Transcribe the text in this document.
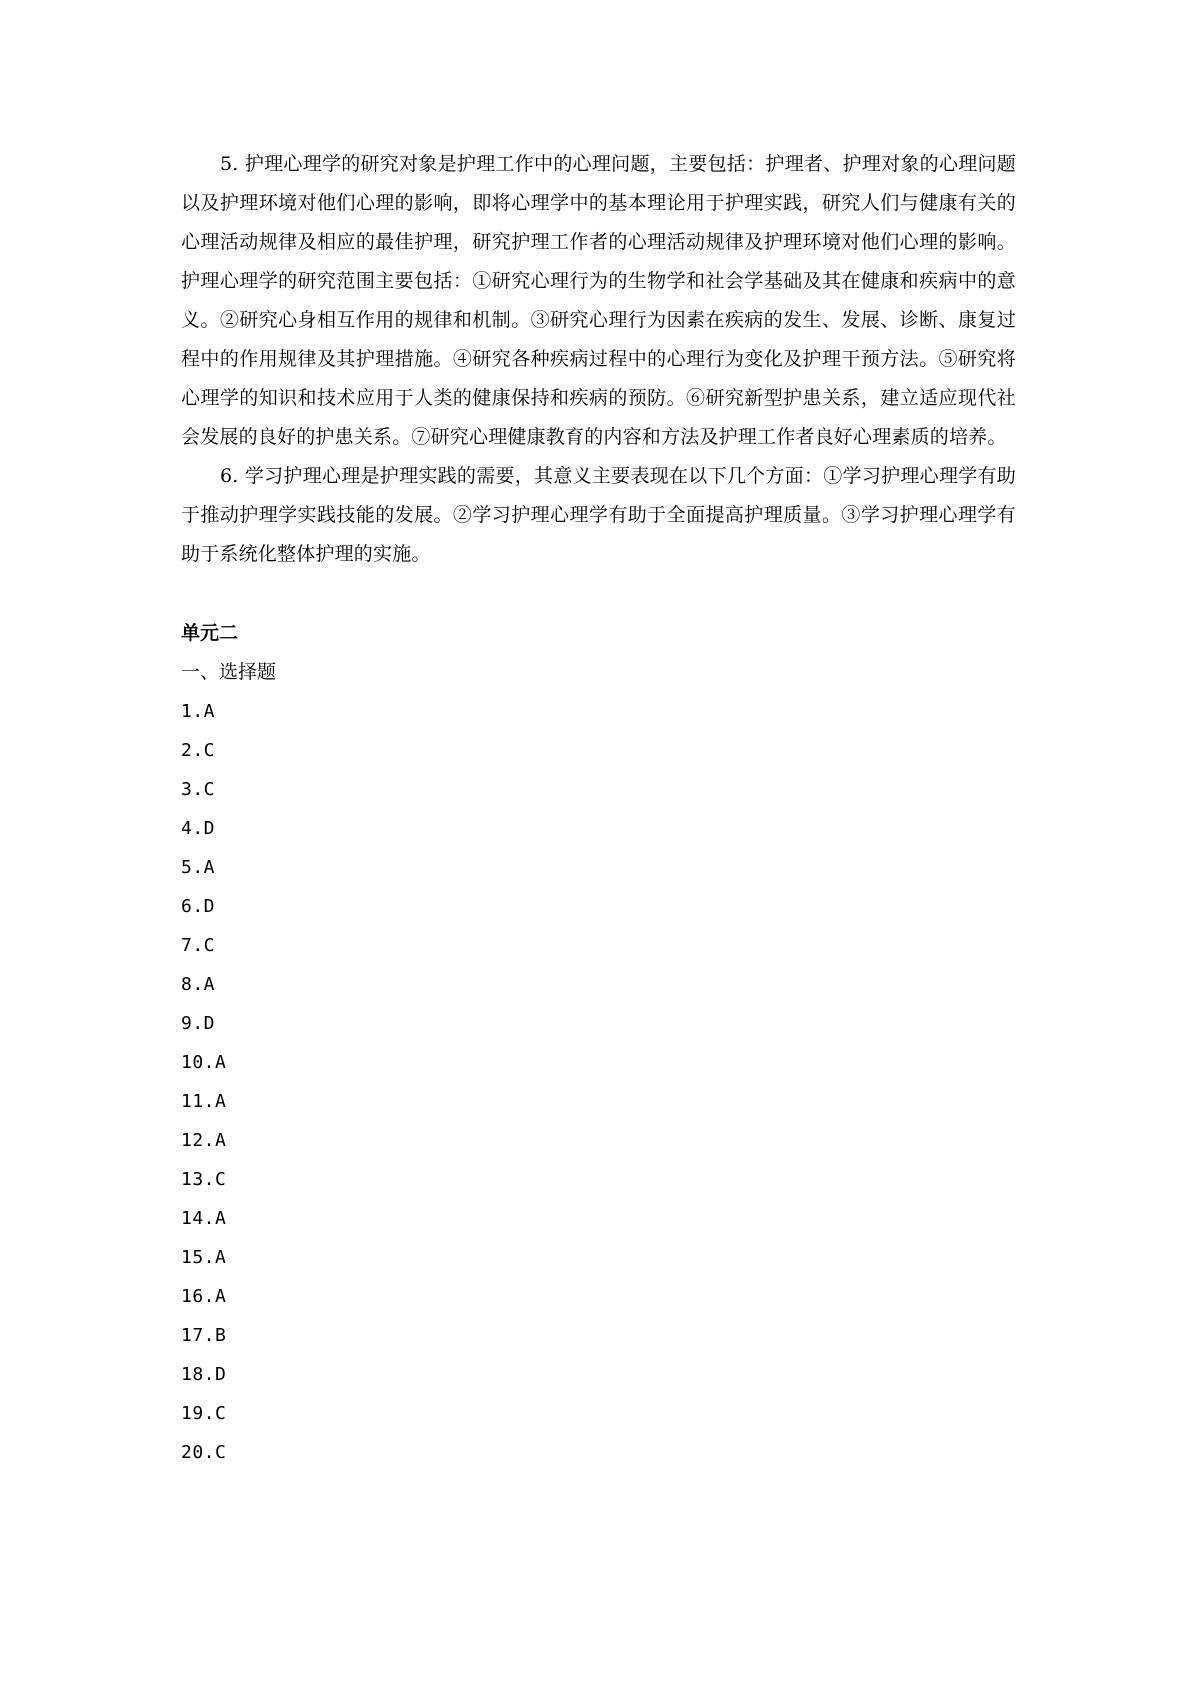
5. 护理心理学的研究对象是护理工作中的心理问题，主要包括：护理者、护理对象的心理问题以及护理环境对他们心理的影响，即将心理学中的基本理论用于护理实践，研究人们与健康有关的心理活动规律及相应的最佳护理，研究护理工作者的心理活动规律及护理环境对他们心理的影响。 护理心理学的研究范围主要包括：①研究心理行为的生物学和社会学基础及其在健康和疾病中的意义。②研究心身相互作用的规律和机制。③研究心理行为因素在疾病的发生、发展、诊断、康复过程中的作用规律及其护理措施。④研究各种疾病过程中的心理行为变化及护理干预方法。⑤研究将心理学的知识和技术应用于人类的健康保持和疾病的预防。⑥研究新型护患关系，建立适应现代社会发展的良好的护患关系。⑦研究心理健康教育的内容和方法及护理工作者良好心理素质的培养。

6. 学习护理心理是护理实践的需要，其意义主要表现在以下几个方面：①学习护理心理学有助于推动护理学实践技能的发展。②学习护理心理学有助于全面提高护理质量。③学习护理心理学有助于系统化整体护理的实施。

单元二

一、选择题

1.A
2.C
3.C
4.D
5.A
6.D
7.C
8.A
9.D
10.A
11.A
12.A
13.C
14.A
15.A
16.A
17.B
18.D
19.C
20.C
